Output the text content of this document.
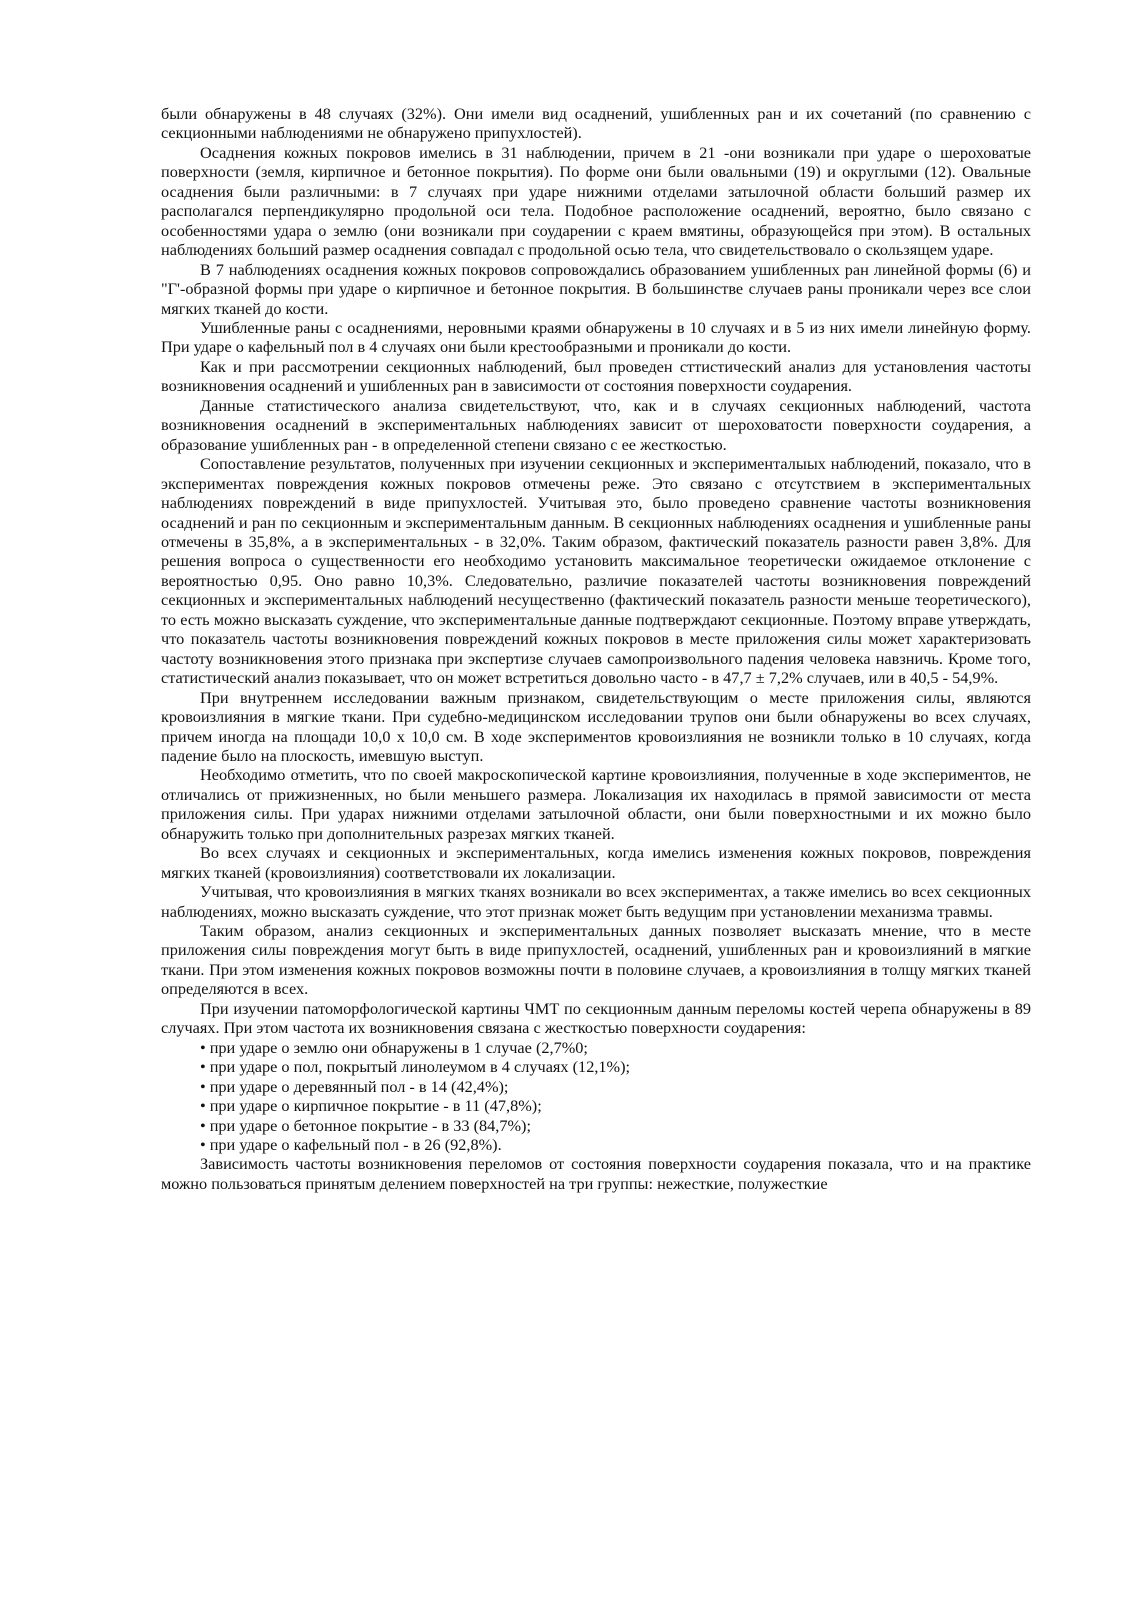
были обнаружены в 48 случаях (32%). Они имели вид осаднений, ушибленных ран и их сочетаний (по сравнению с секционными наблюдениями не обнаружено припухлостей).

Осаднения кожных покровов имелись в 31 наблюдении, причем в 21 -они возникали при ударе о шероховатые поверхности (земля, кирпичное и бетонное покрытия). По форме они были овальными (19) и округлыми (12). Овальные осаднения были различными: в 7 случаях при ударе нижними отделами затылочной области больший размер их располагался перпендикулярно продольной оси тела. Подобное расположение осаднений, вероятно, было связано с особенностями удара о землю (они возникали при соударении с краем вмятины, образующейся при этом). В остальных наблюдениях больший размер осаднения совпадал с продольной осью тела, что свидетельствовало о скользящем ударе.

В 7 наблюдениях осаднения кожных покровов сопровождались образованием ушибленных ран линейной формы (6) и "Г'-образной формы при ударе о кирпичное и бетонное покрытия. В большинстве случаев раны проникали через все слои мягких тканей до кости.

Ушибленные раны с осаднениями, неровными краями обнаружены в 10 случаях и в 5 из них имели линейную форму. При ударе о кафельный пол в 4 случаях они были крестообразными и проникали до кости.

Как и при рассмотрении секционных наблюдений, был проведен сттистический анализ для установления частоты возникновения осаднений и ушибленных ран в зависимости от состояния поверхности соударения.

Данные статистического анализа свидетельствуют, что, как и в случаях секционных наблюдений, частота возникновения осаднений в экспериментальных наблюдениях зависит от шероховатости поверхности соударения, а образование ушибленных ран - в определенной степени связано с ее жесткостью.

Сопоставление результатов, полученных при изучении секционных и эксперименталыых наблюдений, показало, что в экспериментах повреждения кожных покровов отмечены реже. Это связано с отсутствием в экспериментальных наблюдениях повреждений в виде припухлостей. Учитывая это, было проведено сравнение частоты возникновения осаднений и ран по секционным и экспериментальным данным. В секционных наблюдениях осаднения и ушибленные раны отмечены в 35,8%, а в экспериментальных - в 32,0%. Таким образом, фактический показатель разности равен 3,8%. Для решения вопроса о существенности его необходимо установить максимальное теоретически ожидаемое отклонение с вероятностью 0,95. Оно равно 10,3%. Следовательно, различие показателей частоты возникновения повреждений секционных и экспериментальных наблюдений несущественно (фактический показатель разности меньше теоретического), то есть можно высказать суждение, что экспериментальные данные подтверждают секционные. Поэтому вправе утверждать, что показатель частоты возникновения повреждений кожных покровов в месте приложения силы может характеризовать частоту возникновения этого признака при экспертизе случаев самопроизвольного падения человека навзничь. Кроме того, статистический анализ показывает, что он может встретиться довольно часто - в 47,7 ± 7,2% случаев, или в 40,5 - 54,9%.

При внутреннем исследовании важным признаком, свидетельствующим о месте приложения силы, являются кровоизлияния в мягкие ткани. При судебно-медицинском исследовании трупов они были обнаружены во всех случаях, причем иногда на площади 10,0 x 10,0 см. В ходе экспериментов кровоизлияния не возникли только в 10 случаях, когда падение было на плоскость, имевшую выступ.

Необходимо отметить, что по своей макроскопической картине кровоизлияния, полученные в ходе экспериментов, не отличались от прижизненных, но были меньшего размера. Локализация их находилась в прямой зависимости от места приложения силы. При ударах нижними отделами затылочной области, они были поверхностными и их можно было обнаружить только при дополнительных разрезах мягких тканей.

Во всех случаях и секционных и экспериментальных, когда имелись изменения кожных покровов, повреждения мягких тканей (кровоизлияния) соответствовали их локализации.

Учитывая, что кровоизлияния в мягких тканях возникали во всех экспериментах, а также имелись во всех секционных наблюдениях, можно высказать суждение, что этот признак может быть ведущим при установлении механизма травмы.

Таким образом, анализ секционных и экспериментальных данных позволяет высказать мнение, что в месте приложения силы повреждения могут быть в виде припухлостей, осаднений, ушибленных ран и кровоизлияний в мягкие ткани. При этом изменения кожных покровов возможны почти в половине случаев, а кровоизлияния в толщу мягких тканей определяются в всех.

При изучении патоморфологической картины ЧМТ по секционным данным переломы костей черепа обнаружены в 89 случаях. При этом частота их возникновения связана с жесткостью поверхности соударения:

• при ударе о землю они обнаружены в 1 случае (2,7%0;
• при ударе о пол, покрытый линолеумом в 4 случаях (12,1%);
• при ударе о деревянный пол - в 14 (42,4%);
• при ударе о кирпичное покрытие - в 11 (47,8%);
• при ударе о бетонное покрытие - в 33 (84,7%);
• при ударе о кафельный пол - в 26 (92,8%).

Зависимость частоты возникновения переломов от состояния поверхности соударения показала, что и на практике можно пользоваться принятым делением поверхностей на три группы: нежесткие, полужесткие
